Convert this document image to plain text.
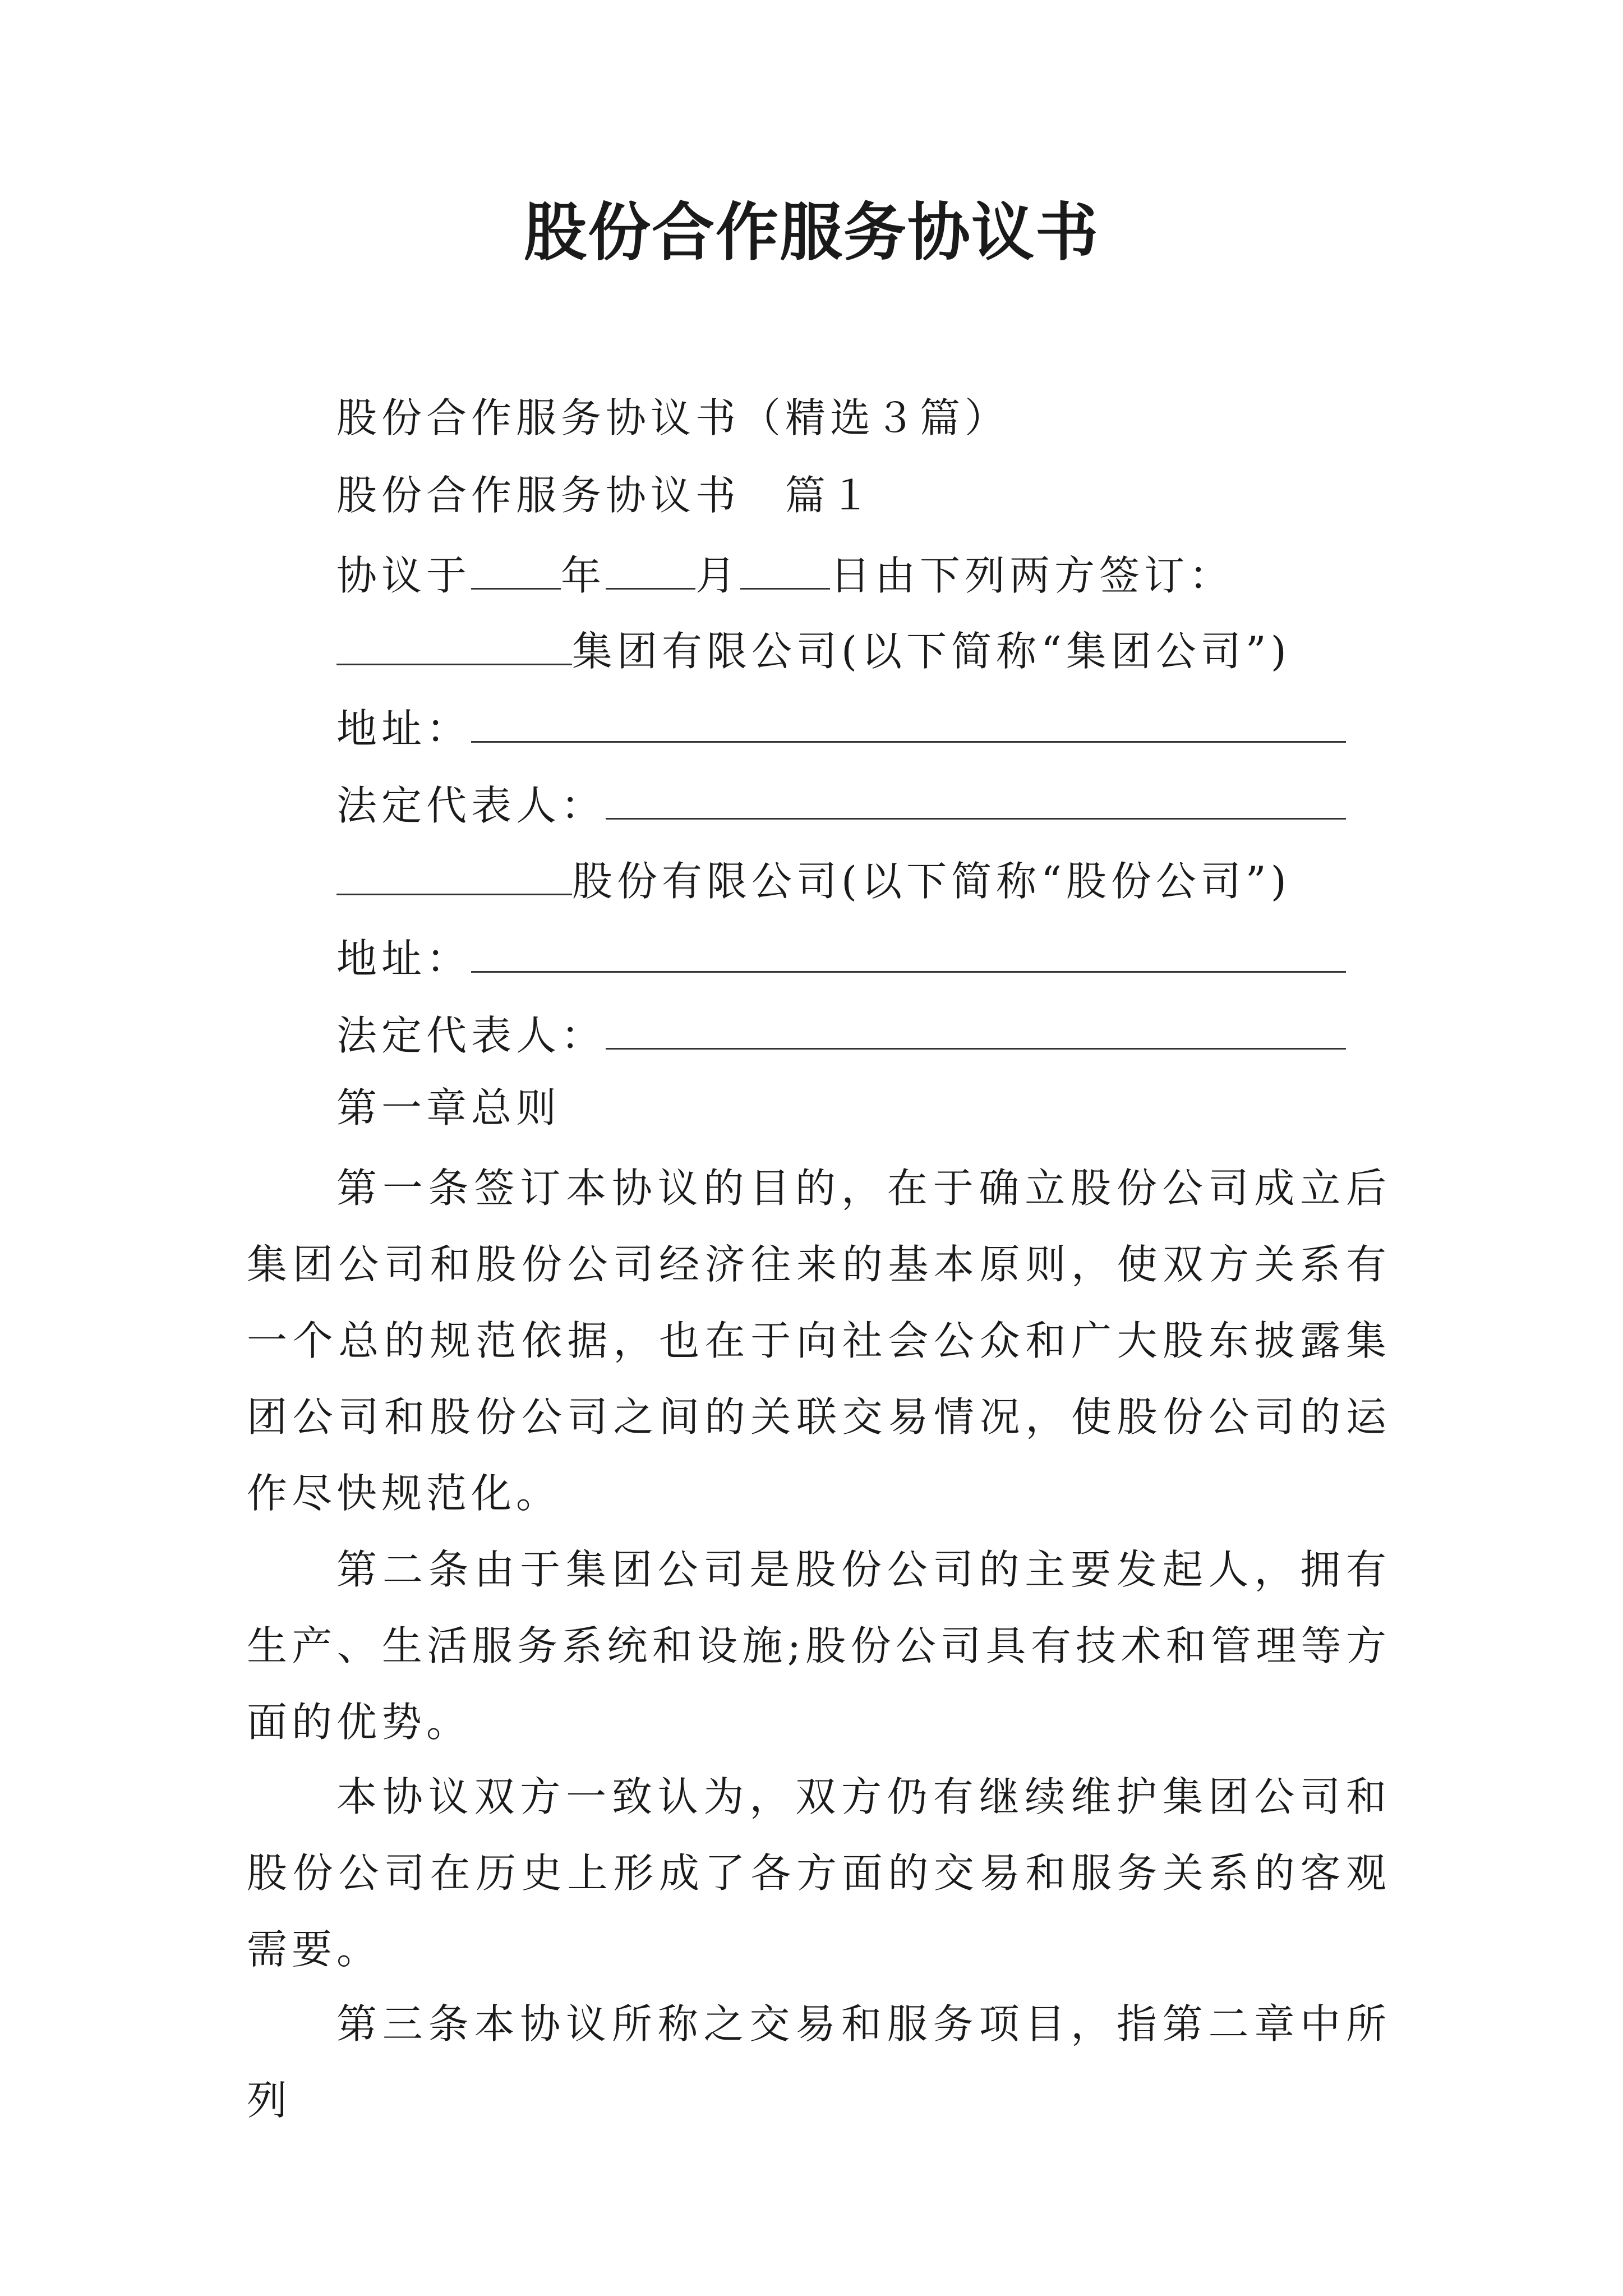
股份合作服务协议书
股份合作服务协议书（精选３篇）
股份合作服务协议书　篇１
协议于 年 月 日由下列两方签订：
集团有限公司(以下简称“集团公司”)
地址：
法定代表人：
股份有限公司(以下简称“股份公司”)
地址：
法定代表人：
第一章总则
第一条签订本协议的目的，在于确立股份公司成立后集团公司和股份公司经济往来的基本原则，使双方关系有一个总的规范依据，也在于向社会公众和广大股东披露集团公司和股份公司之间的关联交易情况，使股份公司的运作尽快规范化。
第二条由于集团公司是股份公司的主要发起人，拥有生产、生活服务系统和设施;股份公司具有技术和管理等方面的优势。
本协议双方一致认为，双方仍有继续维护集团公司和股份公司在历史上形成了各方面的交易和服务关系的客观需要。
第三条本协议所称之交易和服务项目，指第二章中所列
